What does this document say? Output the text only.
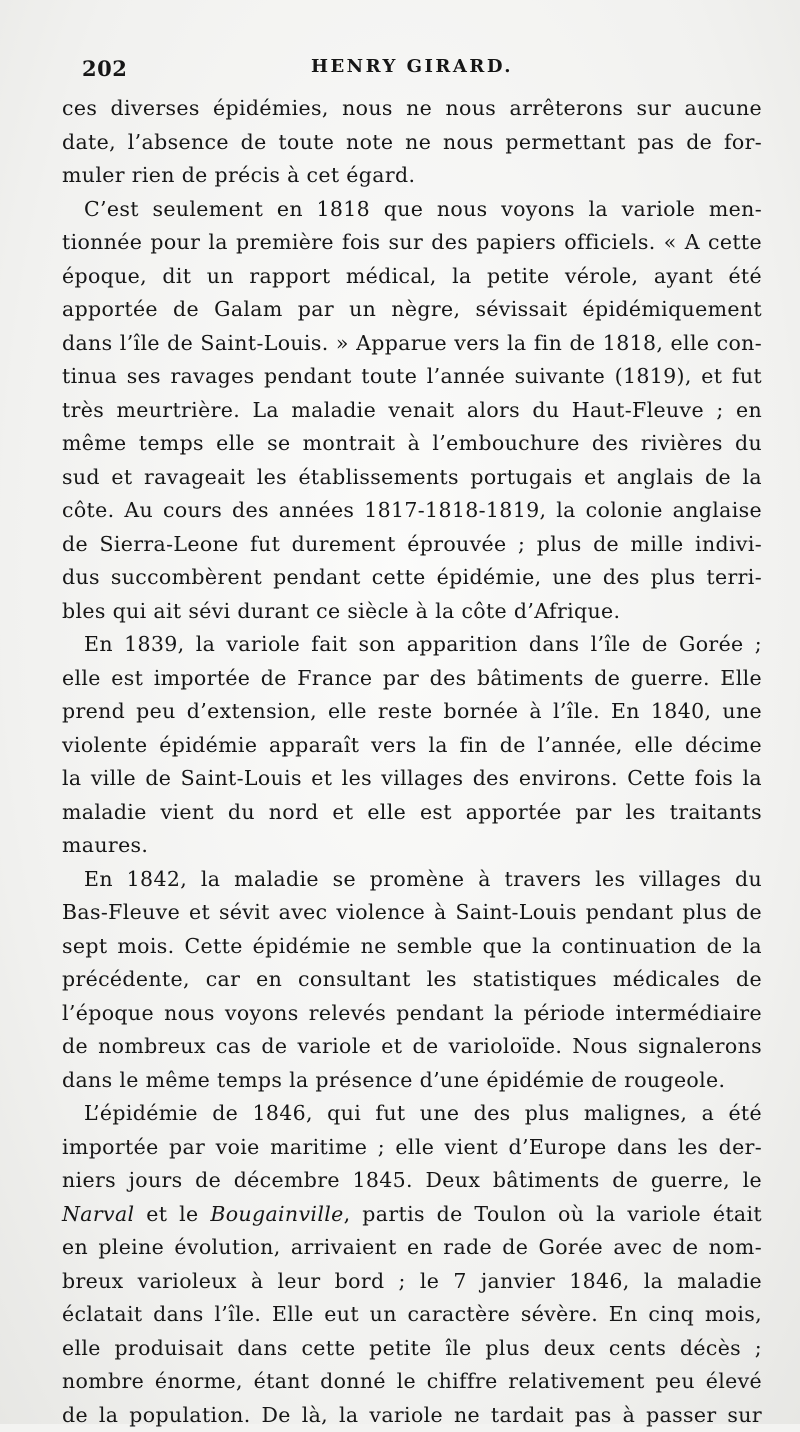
202	HENRY GIRARD.
ces diverses épidémies, nous ne nous arrêterons sur aucune
date, l’absence de toute note ne nous permettant pas de for-
muler rien de précis à cet égard.
C’est seulement en 1818 que nous voyons la variole men-
tionnée pour la première fois sur des papiers officiels. « A cette
époque, dit un rapport médical, la petite vérole, ayant été
apportée de Galam par un nègre, sévissait épidémiquement
dans l’île de Saint-Louis. » Apparue vers la fin de 1818, elle con-
tinua ses ravages pendant toute l’année suivante (1819), et fut
très meurtrière. La maladie venait alors du Haut-Fleuve ; en
même temps elle se montrait à l’embouchure des rivières du
sud et ravageait les établissements portugais et anglais de la
côte. Au cours des années 1817-1818-1819, la colonie anglaise
de Sierra-Leone fut durement éprouvée ; plus de mille indivi-
dus succombèrent pendant cette épidémie, une des plus terri-
bles qui ait sévi durant ce siècle à la côte d’Afrique.
En 1839, la variole fait son apparition dans l’île de Gorée ;
elle est importée de France par des bâtiments de guerre. Elle
prend peu d’extension, elle reste bornée à l’île. En 1840, une
violente épidémie apparaît vers la fin de l’année, elle décime
la ville de Saint-Louis et les villages des environs. Cette fois la
maladie vient du nord et elle est apportée par les traitants
maures.
En 1842, la maladie se promène à travers les villages du
Bas-Fleuve et sévit avec violence à Saint-Louis pendant plus de
sept mois. Cette épidémie ne semble que la continuation de la
précédente, car en consultant les statistiques médicales de
l’époque nous voyons relevés pendant la période intermédiaire
de nombreux cas de variole et de varioloïde. Nous signalerons
dans le même temps la présence d’une épidémie de rougeole.
L’épidémie de 1846, qui fut une des plus malignes, a été
importée par voie maritime ; elle vient d’Europe dans les der-
niers jours de décembre 1845. Deux bâtiments de guerre, le
Narval et le Bougainville, partis de Toulon où la variole était
en pleine évolution, arrivaient en rade de Gorée avec de nom-
breux varioleux à leur bord ; le 7 janvier 1846, la maladie
éclatait dans l’île. Elle eut un caractère sévère. En cinq mois,
elle produisait dans cette petite île plus deux cents décès ;
nombre énorme, étant donné le chiffre relativement peu élevé
de la population. De là, la variole ne tardait pas à passer sur
